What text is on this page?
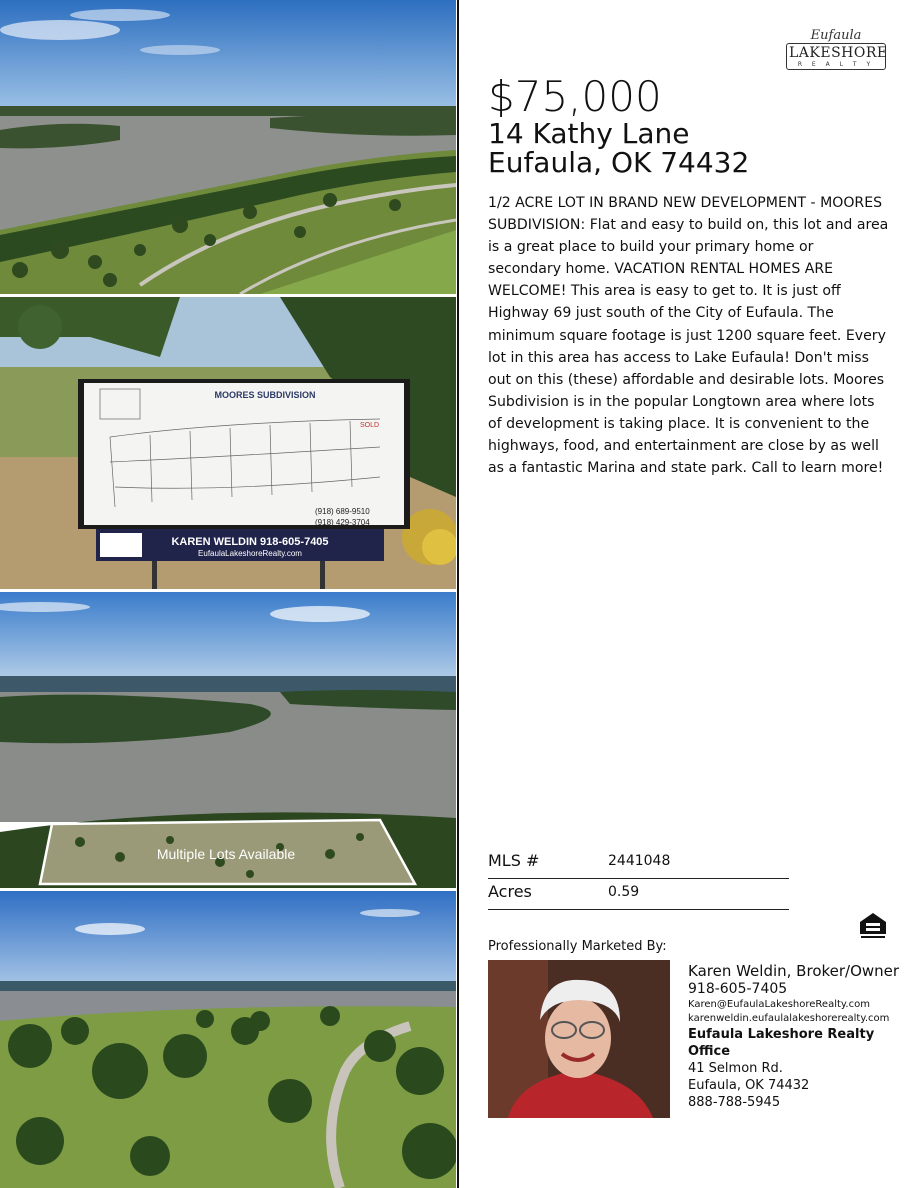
MOORES SUBDIVISION
SOLD
(918) 689-9510
(918) 429-3704
KAREN WELDIN 918-605-7405
EufaulaLakeshoreRealty.com
Multiple Lots Available
Eufaula
LAKESHORE
R E A L T Y
$75,000
14 Kathy Lane
Eufaula, OK 74432
1/2 ACRE LOT IN BRAND NEW DEVELOPMENT - MOORES SUBDIVISION: Flat and easy to build on, this lot and area is a great place to build your primary home or secondary home. VACATION RENTAL HOMES ARE WELCOME! This area is easy to get to. It is just off Highway 69 just south of the City of Eufaula. The minimum square footage is just 1200 square feet. Every lot in this area has access to Lake Eufaula! Don't miss out on this (these) affordable and desirable lots. Moores Subdivision is in the popular Longtown area where lots of development is taking place. It is convenient to the highways, food, and entertainment are close by as well as a fantastic Marina and state park. Call to learn more!
MLS #	2441048
Acres	0.59
Professionally Marketed By:
Karen Weldin, Broker/Owner
918-605-7405
Karen@EufaulaLakeshoreRealty.com
karenweldin.eufaulalakeshorerealty.com
Eufaula Lakeshore Realty Office
41 Selmon Rd.
Eufaula, OK 74432
888-788-5945
